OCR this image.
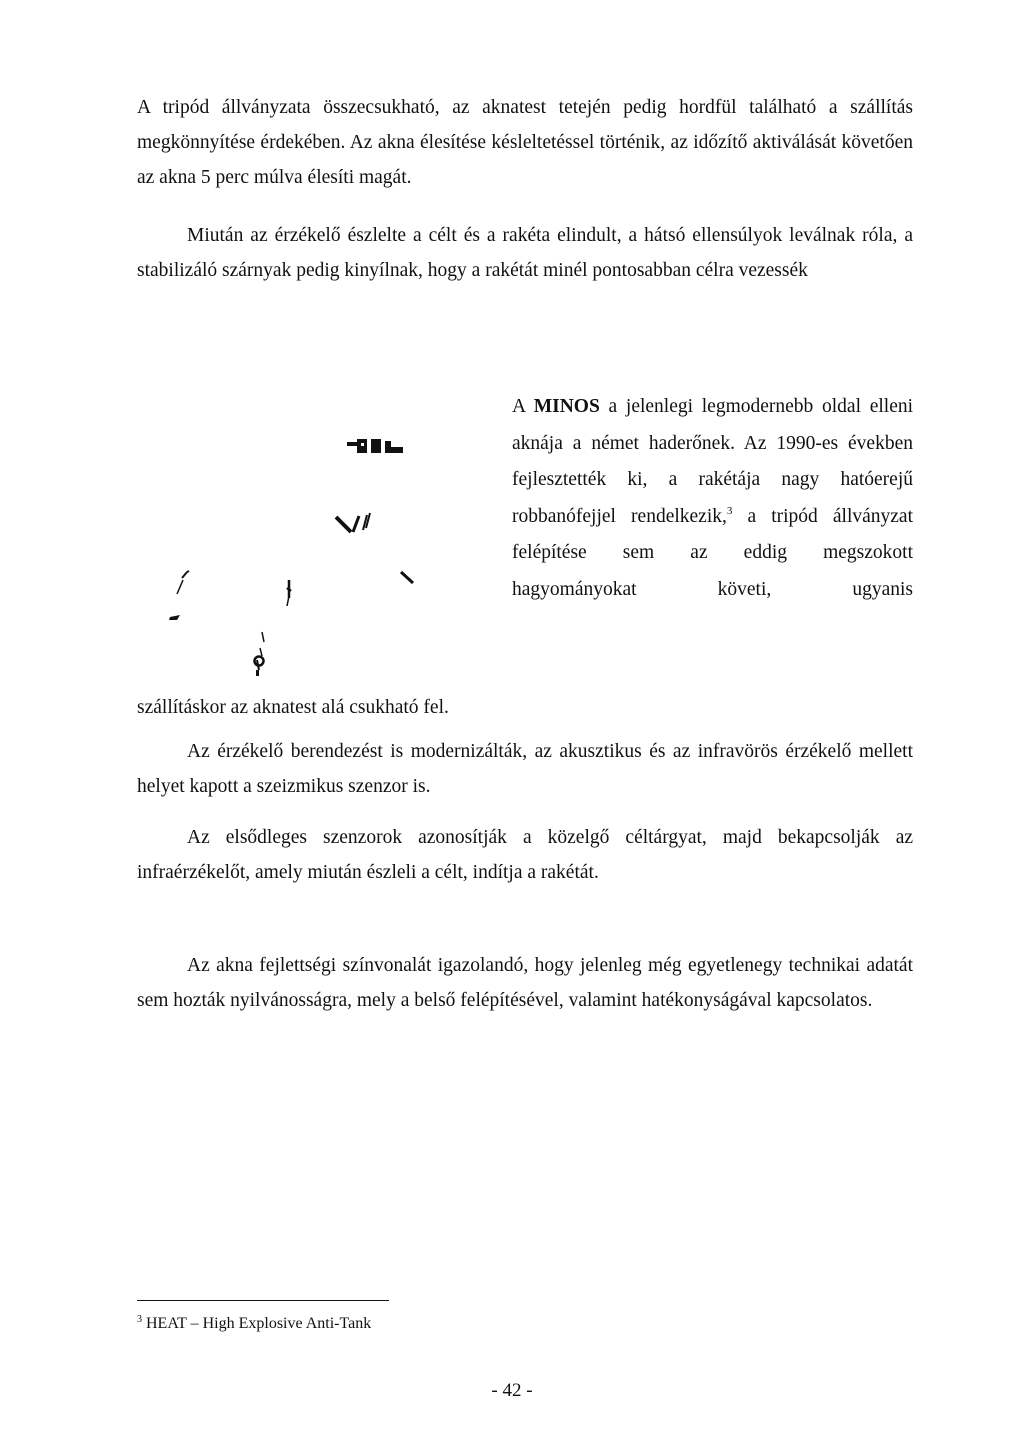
A tripód állványzata összecsukható, az aknatest tetején pedig hordfül található a szállítás megkönnyítése érdekében. Az akna élesítése késleltetéssel történik, az időzítő aktiválását követően az akna 5 perc múlva élesíti magát.

Miután az érzékelő észlelte a célt és a rakéta elindult, a hátsó ellensúlyok leválnak róla, a stabilizáló szárnyak pedig kinyílnak, hogy a rakétát minél pontosabban célra vezessék

A MINOS a jelenlegi legmodernebb oldal elleni aknája a német haderőnek. Az 1990-es években fejlesztették ki, a rakétája nagy hatóerejű robbanófejjel rendelkezik,$^3$ a tripód állványzat felépítése sem az eddig megszokott hagyományokat követi, ugyanis

szállításkor az aknatest alá csukható fel.

Az érzékelő berendezést is modernizálták, az akusztikus és az infravörös érzékelő mellett helyet kapott a szeizmikus szenzor is.

Az elsődleges szenzorok azonosítják a közelgő céltárgyat, majd bekapcsolják az infraérzékelőt, amely miután észleli a célt, indítja a rakétát.

Az akna fejlettségi színvonalát igazolandó, hogy jelenleg még egyetlenegy technikai adatát sem hozták nyilvánosságra, mely a belső felépítésével, valamint hatékonyságával kapcsolatos.

$^3$ HEAT – High Explosive Anti-Tank
- 42 -
